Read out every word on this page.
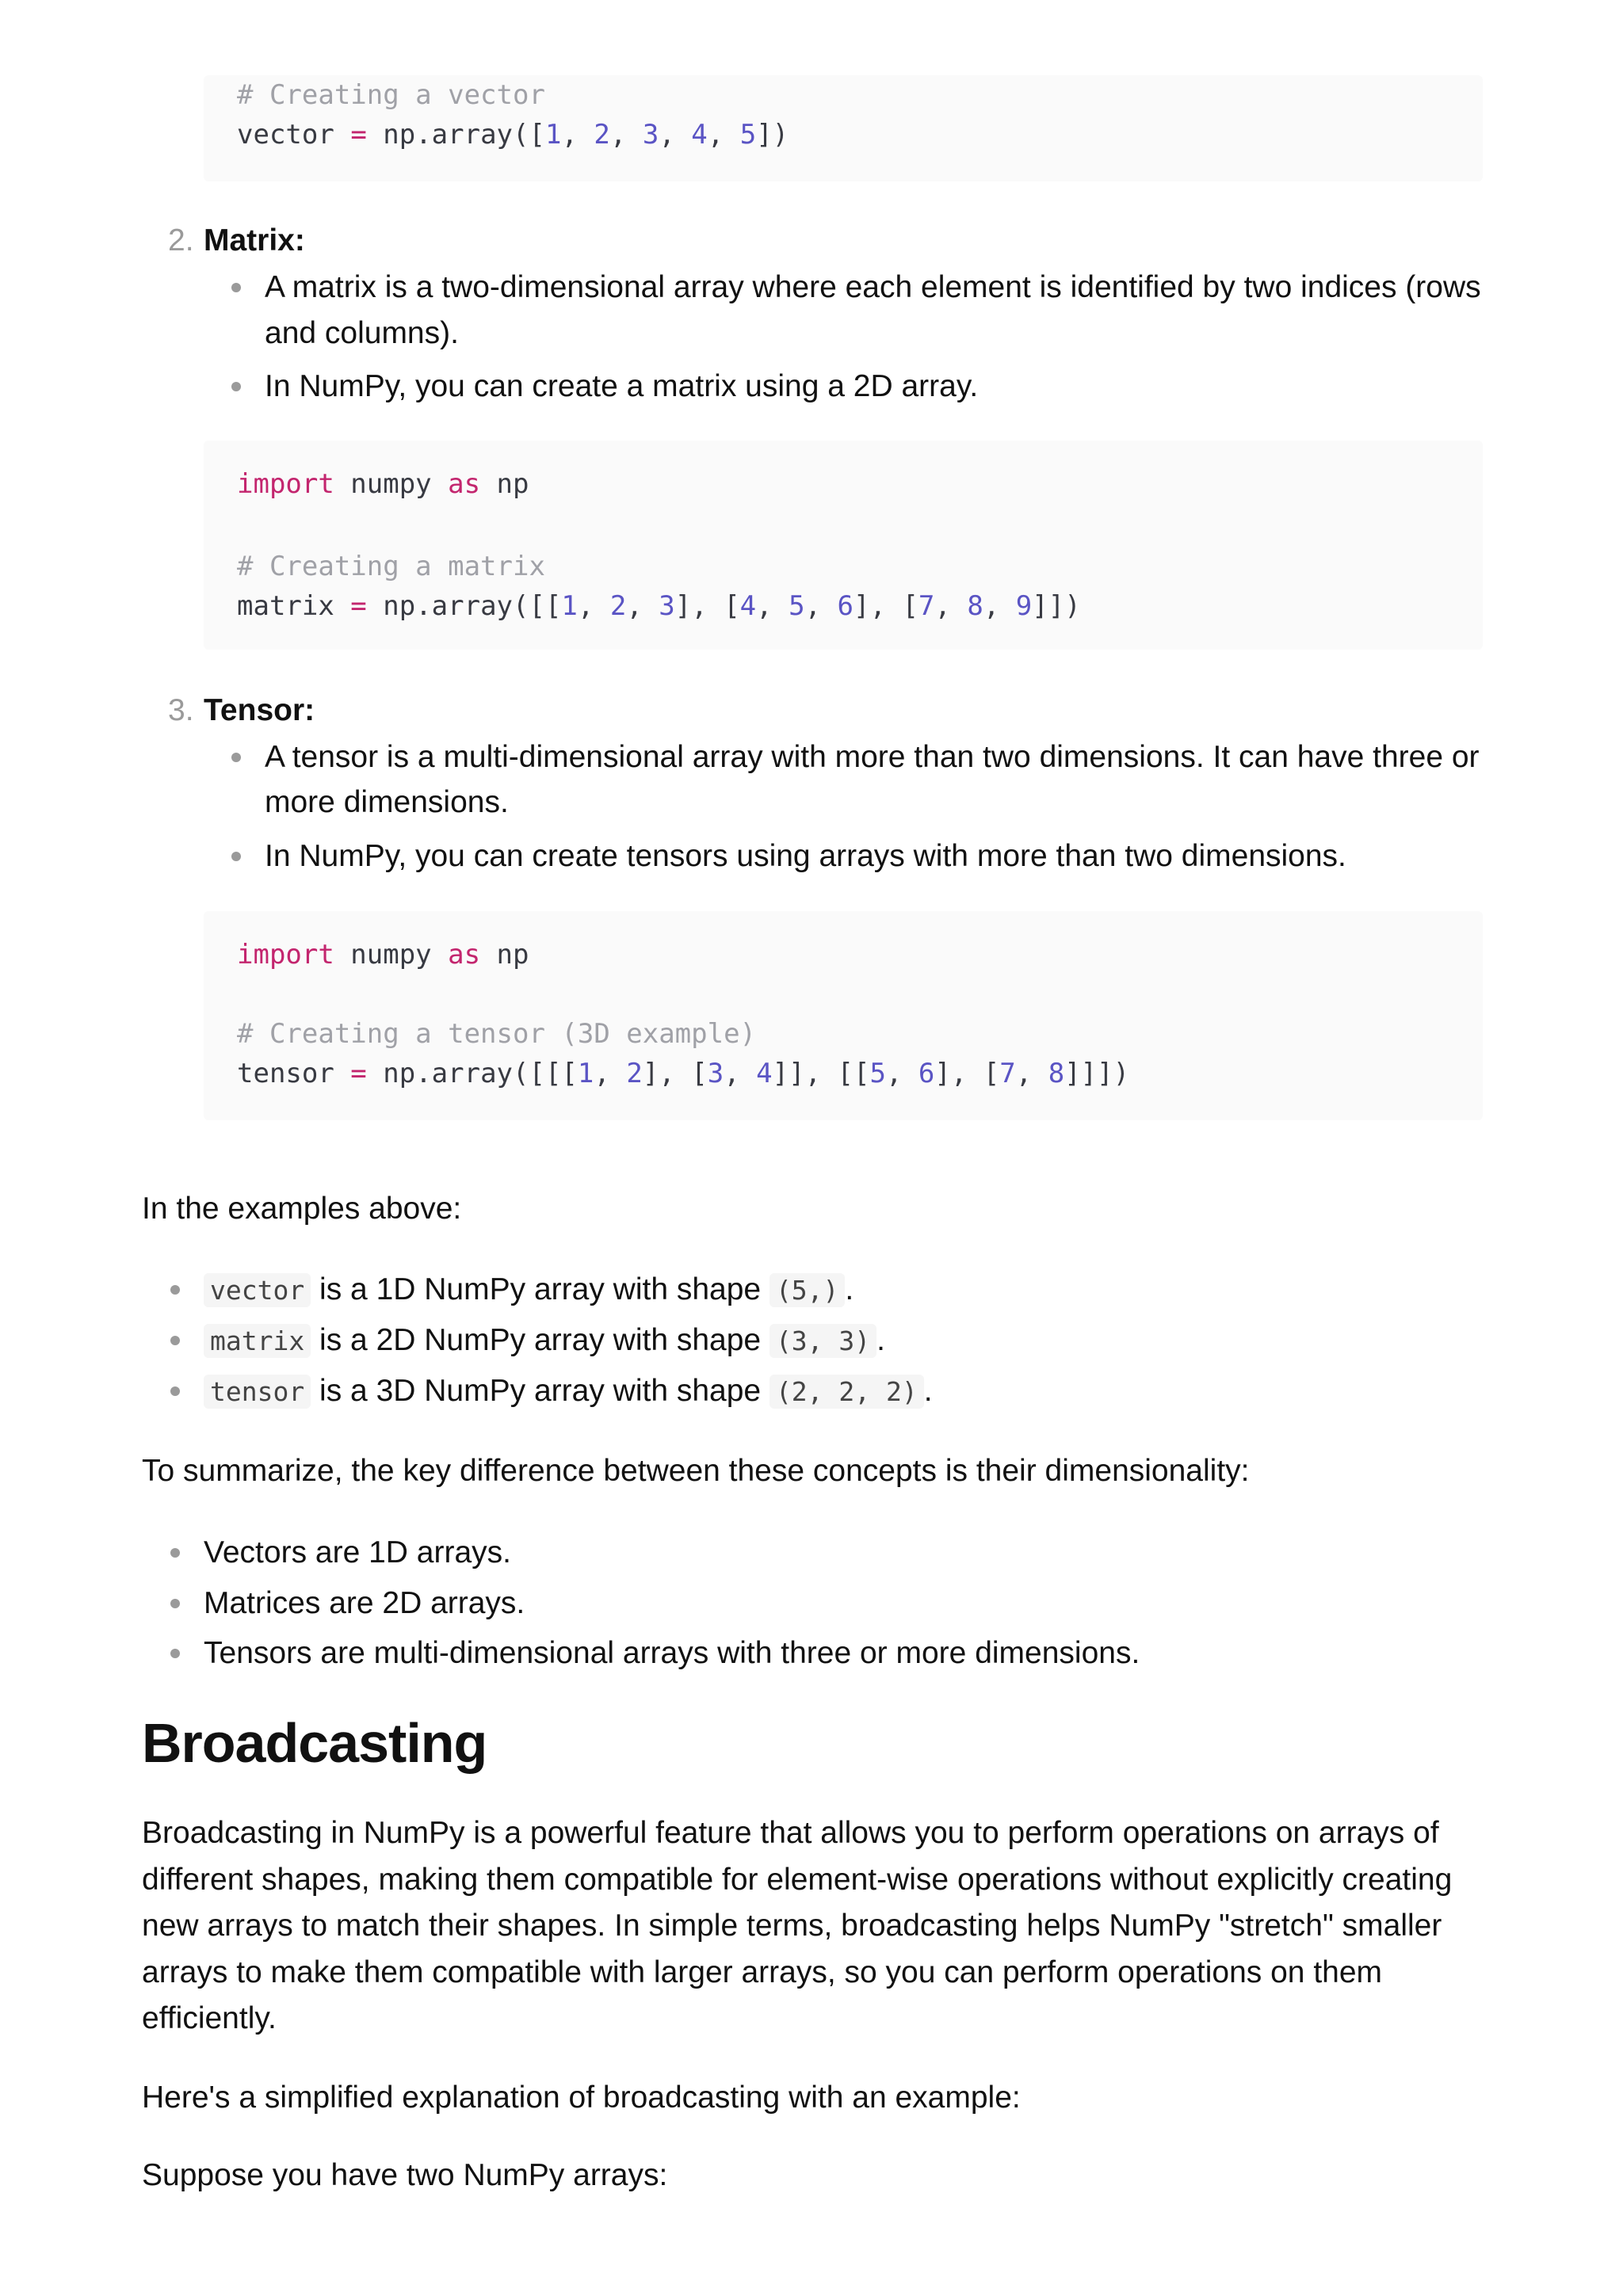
# Creating a vector
vector = np.array([1, 2, 3, 4, 5])
2. Matrix:
A matrix is a two-dimensional array where each element is identified by two indices (rows
and columns).
In NumPy, you can create a matrix using a 2D array.
import numpy as np
# Creating a matrix
matrix = np.array([[1, 2, 3], [4, 5, 6], [7, 8, 9]])
3. Tensor:
A tensor is a multi-dimensional array with more than two dimensions. It can have three or
more dimensions.
In NumPy, you can create tensors using arrays with more than two dimensions.
import numpy as np
# Creating a tensor (3D example)
tensor = np.array([[[1, 2], [3, 4]], [[5, 6], [7, 8]]])
In the examples above:
vector is a 1D NumPy array with shape (5,) .
matrix is a 2D NumPy array with shape (3, 3) .
tensor is a 3D NumPy array with shape (2, 2, 2) .
To summarize, the key difference between these concepts is their dimensionality:
Vectors are 1D arrays.
Matrices are 2D arrays.
Tensors are multi-dimensional arrays with three or more dimensions.
Broadcasting
Broadcasting in NumPy is a powerful feature that allows you to perform operations on arrays of
different shapes, making them compatible for element-wise operations without explicitly creating
new arrays to match their shapes. In simple terms, broadcasting helps NumPy "stretch" smaller
arrays to make them compatible with larger arrays, so you can perform operations on them
efficiently.
Here's a simplified explanation of broadcasting with an example:
Suppose you have two NumPy arrays:
